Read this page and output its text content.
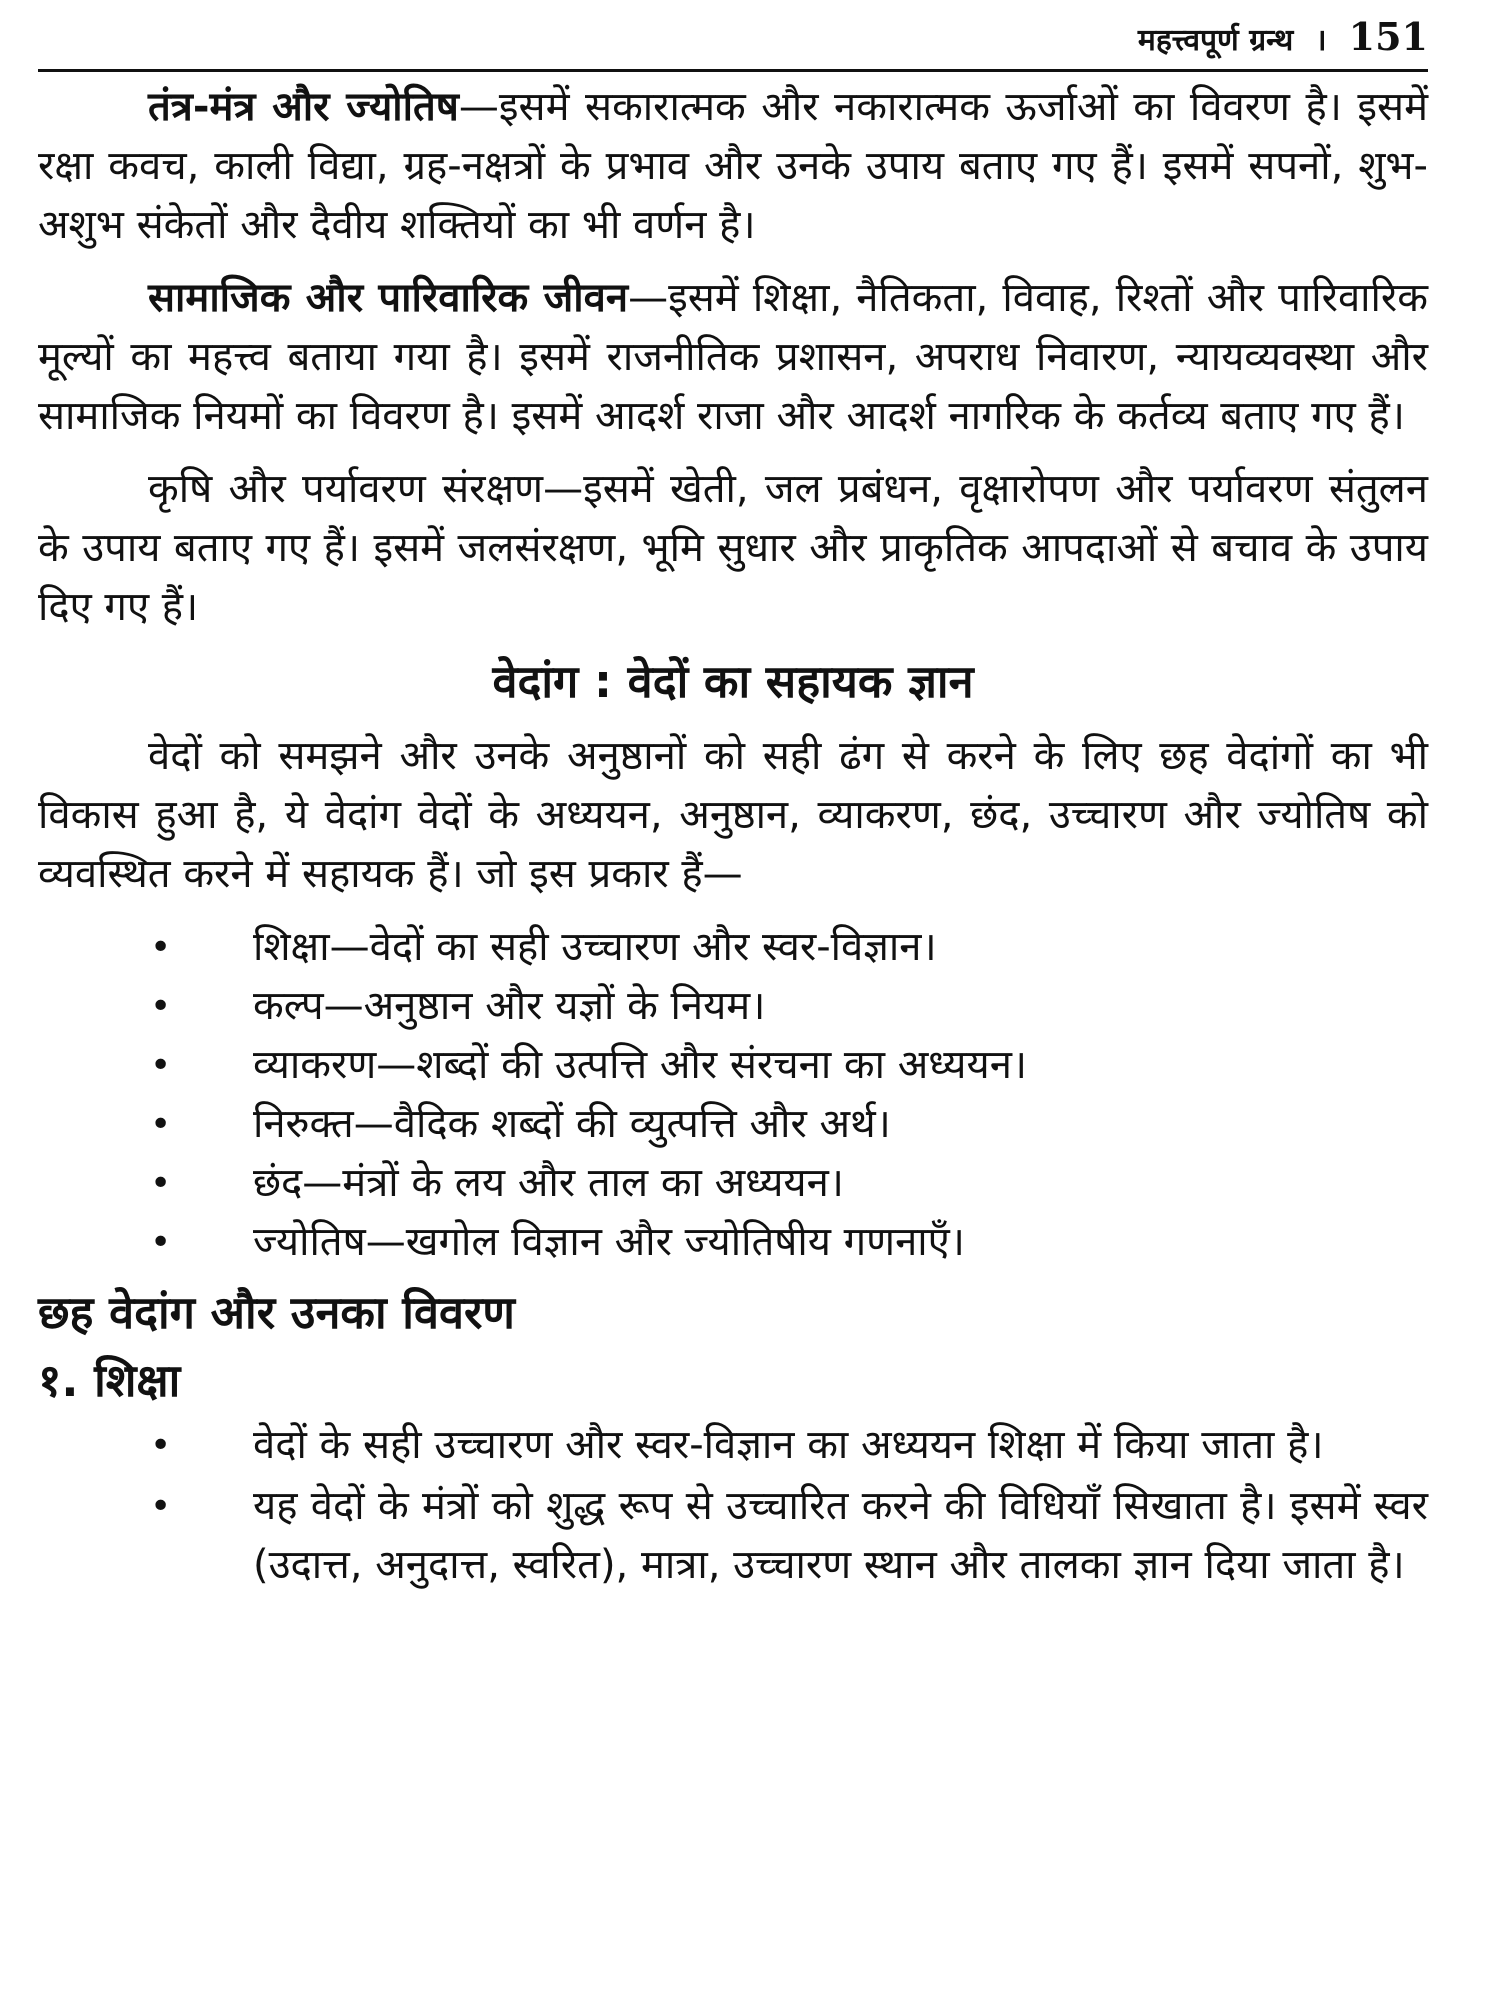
महत्त्वपूर्ण ग्रन्थ । 151

तंत्र-मंत्र और ज्योतिष—इसमें सकारात्मक और नकारात्मक ऊर्जाओं का विवरण है। इसमें रक्षा कवच, काली विद्या, ग्रह-नक्षत्रों के प्रभाव और उनके उपाय बताए गए हैं। इसमें सपनों, शुभ-अशुभ संकेतों और दैवीय शक्तियों का भी वर्णन है।

सामाजिक और पारिवारिक जीवन—इसमें शिक्षा, नैतिकता, विवाह, रिश्तों और पारिवारिक मूल्यों का महत्त्व बताया गया है। इसमें राजनीतिक प्रशासन, अपराध निवारण, न्यायव्यवस्था और सामाजिक नियमों का विवरण है। इसमें आदर्श राजा और आदर्श नागरिक के कर्तव्य बताए गए हैं।

कृषि और पर्यावरण संरक्षण—इसमें खेती, जल प्रबंधन, वृक्षारोपण और पर्यावरण संतुलन के उपाय बताए गए हैं। इसमें जलसंरक्षण, भूमि सुधार और प्राकृतिक आपदाओं से बचाव के उपाय दिए गए हैं।

वेदांग : वेदों का सहायक ज्ञान

वेदों को समझने और उनके अनुष्ठानों को सही ढंग से करने के लिए छह वेदांगों का भी विकास हुआ है, ये वेदांग वेदों के अध्ययन, अनुष्ठान, व्याकरण, छंद, उच्चारण और ज्योतिष को व्यवस्थित करने में सहायक हैं। जो इस प्रकार हैं—

• शिक्षा—वेदों का सही उच्चारण और स्वर-विज्ञान।
• कल्प—अनुष्ठान और यज्ञों के नियम।
• व्याकरण—शब्दों की उत्पत्ति और संरचना का अध्ययन।
• निरुक्त—वैदिक शब्दों की व्युत्पत्ति और अर्थ।
• छंद—मंत्रों के लय और ताल का अध्ययन।
• ज्योतिष—खगोल विज्ञान और ज्योतिषीय गणनाएँ।
छह वेदांग और उनका विवरण
१. शिक्षा
• वेदों के सही उच्चारण और स्वर-विज्ञान का अध्ययन शिक्षा में किया जाता है।
• यह वेदों के मंत्रों को शुद्ध रूप से उच्चारित करने की विधियाँ सिखाता है। इसमें स्वर (उदात्त, अनुदात्त, स्वरित), मात्रा, उच्चारण स्थान और तालका ज्ञान दिया जाता है।
